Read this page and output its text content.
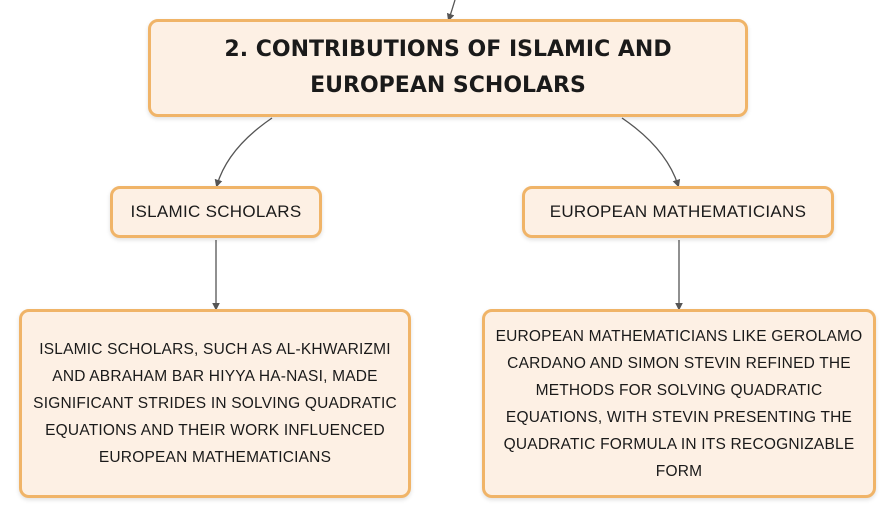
2. CONTRIBUTIONS OF ISLAMIC AND EUROPEAN SCHOLARS
ISLAMIC SCHOLARS	EUROPEAN MATHEMATICIANS
ISLAMIC SCHOLARS, SUCH AS AL-KHWARIZMI AND ABRAHAM BAR HIYYA HA-NASI, MADE SIGNIFICANT STRIDES IN SOLVING QUADRATIC EQUATIONS AND THEIR WORK INFLUENCED EUROPEAN MATHEMATICIANS
EUROPEAN MATHEMATICIANS LIKE GEROLAMO CARDANO AND SIMON STEVIN REFINED THE METHODS FOR SOLVING QUADRATIC EQUATIONS, WITH STEVIN PRESENTING THE QUADRATIC FORMULA IN ITS RECOGNIZABLE FORM
